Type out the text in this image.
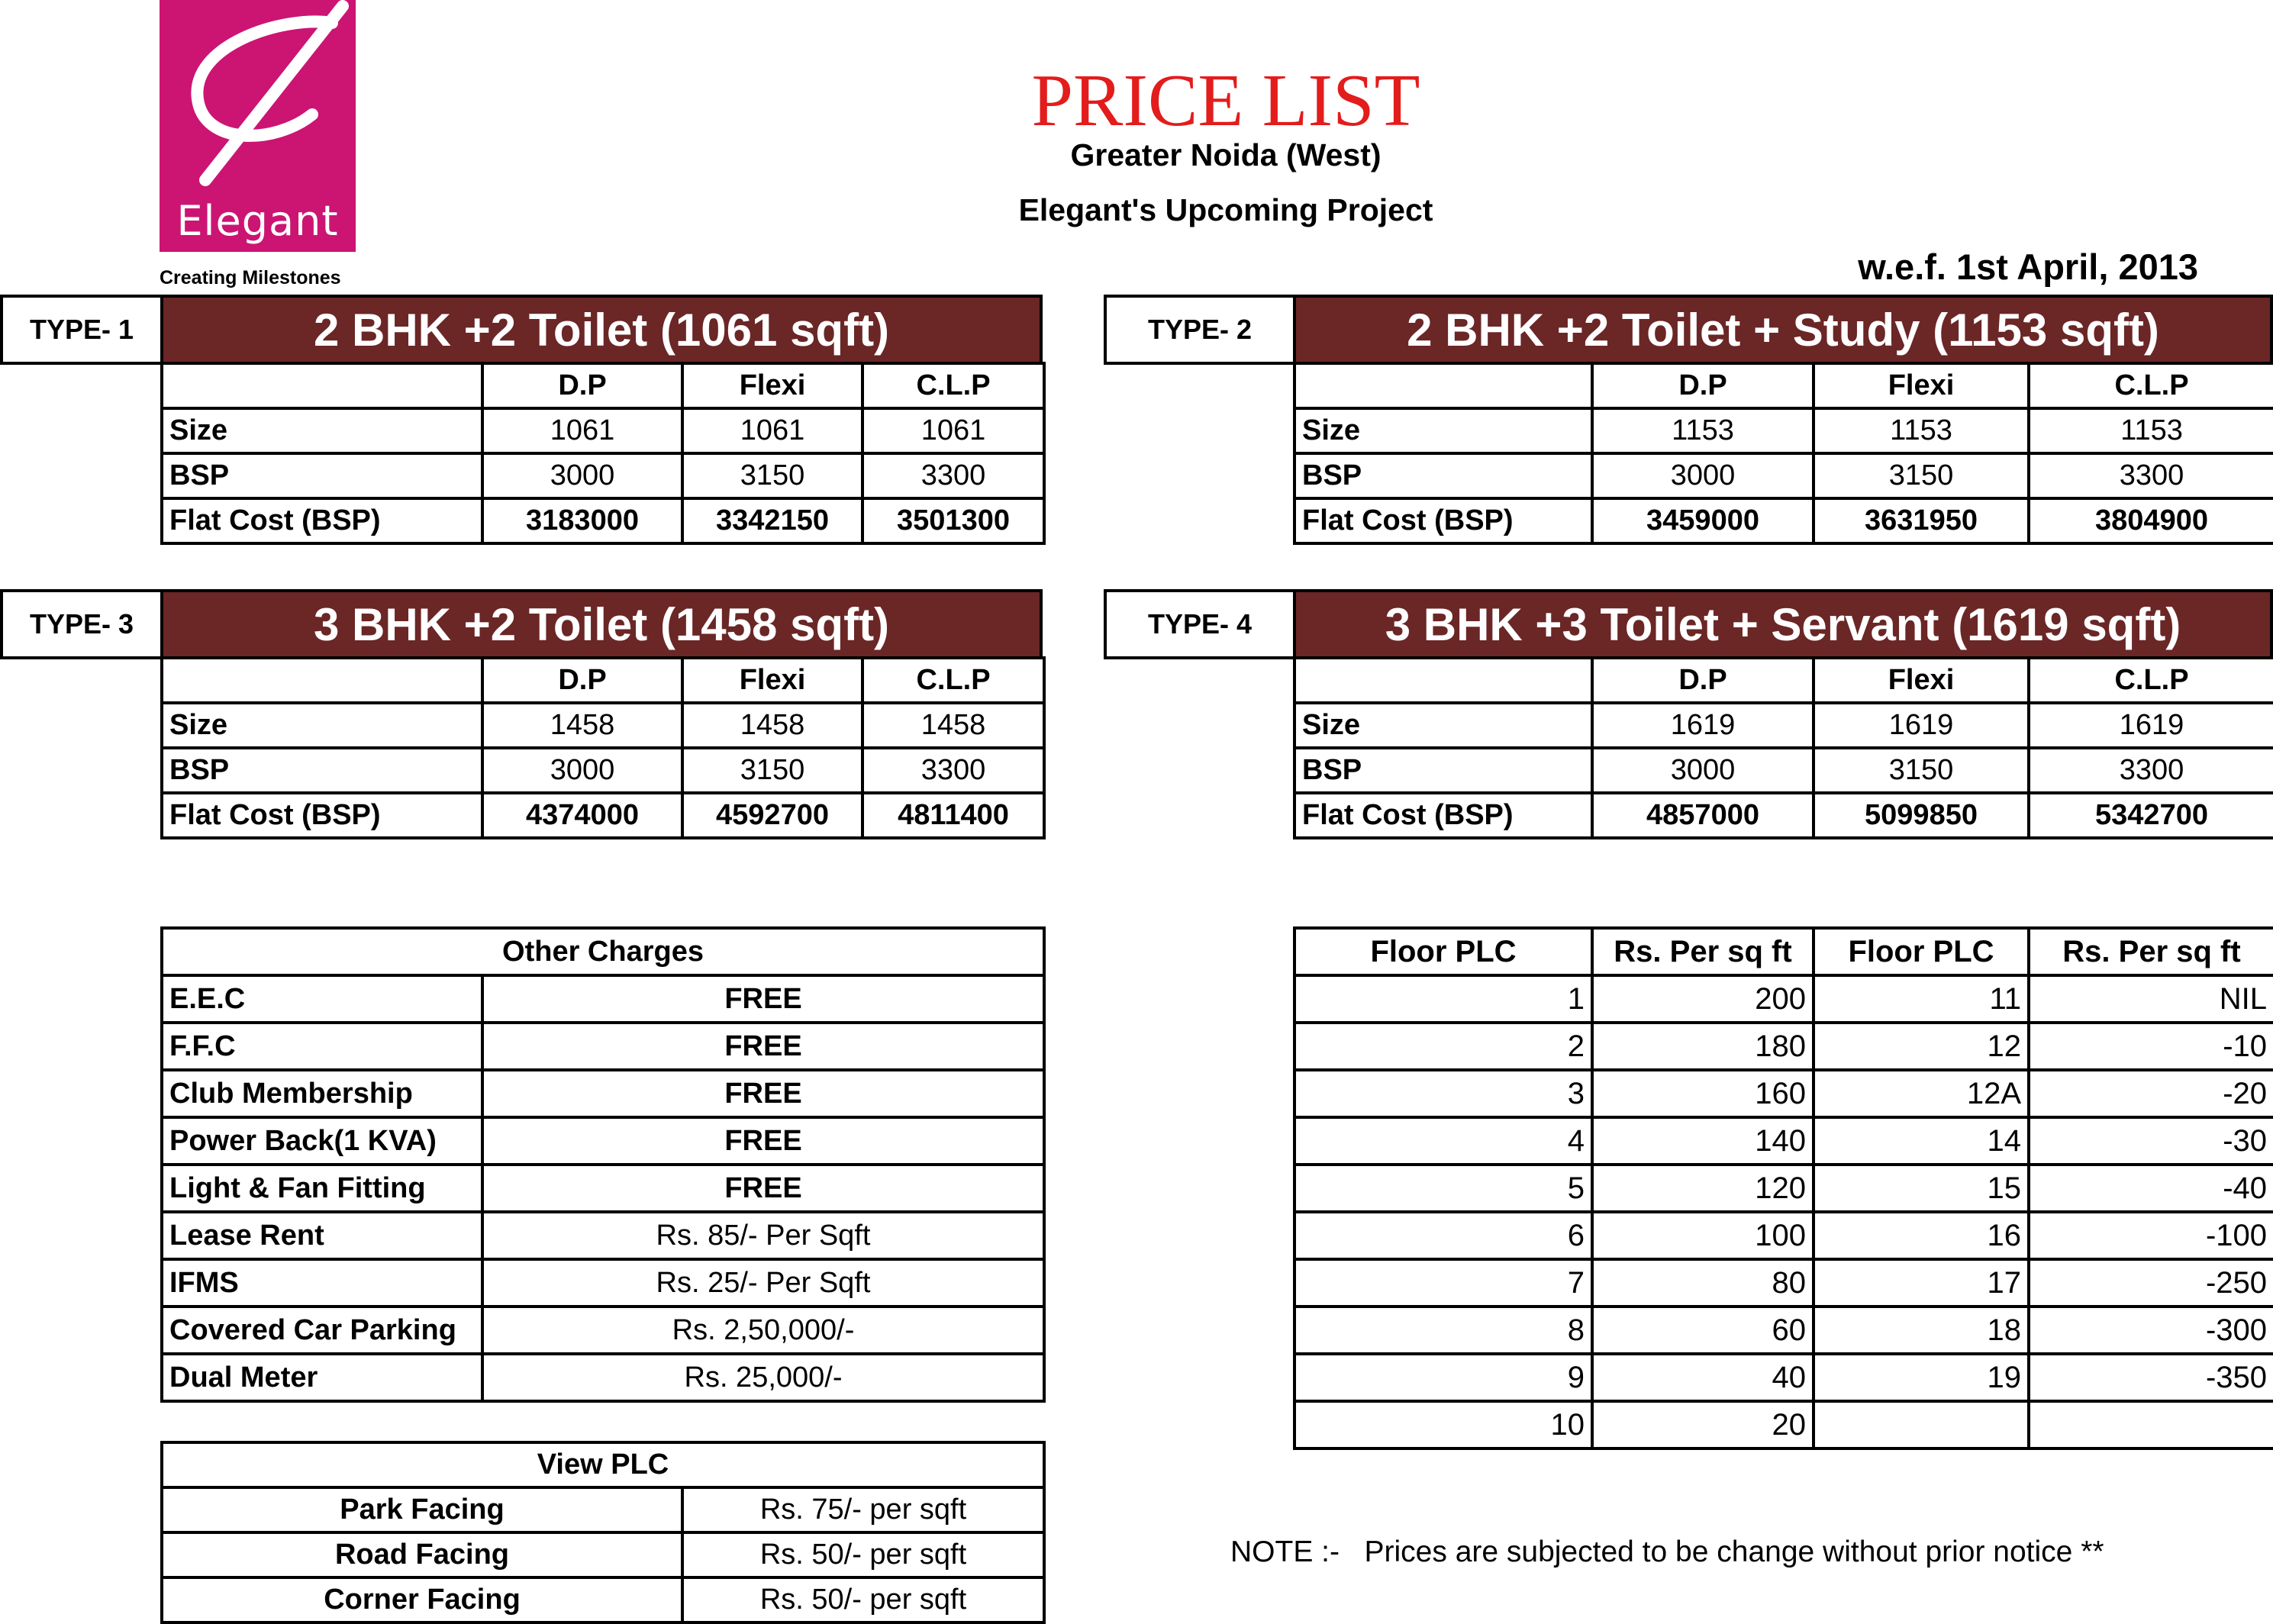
Elegant
Creating Milestones
PRICE LIST
Greater Noida (West)
Elegant's Upcoming Project
w.e.f. 1st April, 2013
TYPE- 1	2 BHK +2 Toilet (1061 sqft)
	D.P	Flexi	C.L.P
Size	1061	1061	1061
BSP	3000	3150	3300
Flat Cost (BSP)	3183000	3342150	3501300
TYPE- 2	2 BHK +2 Toilet + Study (1153 sqft)
	D.P	Flexi	C.L.P
Size	1153	1153	1153
BSP	3000	3150	3300
Flat Cost (BSP)	3459000	3631950	3804900
TYPE- 3	3 BHK +2 Toilet (1458 sqft)
	D.P	Flexi	C.L.P
Size	1458	1458	1458
BSP	3000	3150	3300
Flat Cost (BSP)	4374000	4592700	4811400
TYPE- 4	3 BHK +3 Toilet + Servant (1619 sqft)
	D.P	Flexi	C.L.P
Size	1619	1619	1619
BSP	3000	3150	3300
Flat Cost (BSP)	4857000	5099850	5342700
Other Charges	
E.E.C	FREE
F.F.C	FREE
Club Membership	FREE
Power Back(1 KVA)	FREE
Light & Fan Fitting	FREE
Lease Rent	Rs. 85/- Per Sqft
IFMS	Rs. 25/- Per Sqft
Covered Car Parking	Rs. 2,50,000/-
Dual Meter	Rs. 25,000/-
Floor PLC	Rs. Per sq ft	Floor PLC	Rs. Per sq ft
1	200	11	NIL
2	180	12	-10
3	160	12A	-20
4	140	14	-30
5	120	15	-40
6	100	16	-100
7	80	17	-250
8	60	18	-300
9	40	19	-350
10	20		
View PLC	
Park Facing	Rs. 75/- per sqft
Road Facing	Rs. 50/- per sqft
Corner Facing	Rs. 50/- per sqft
NOTE :-   Prices are subjected to be change without prior notice **
